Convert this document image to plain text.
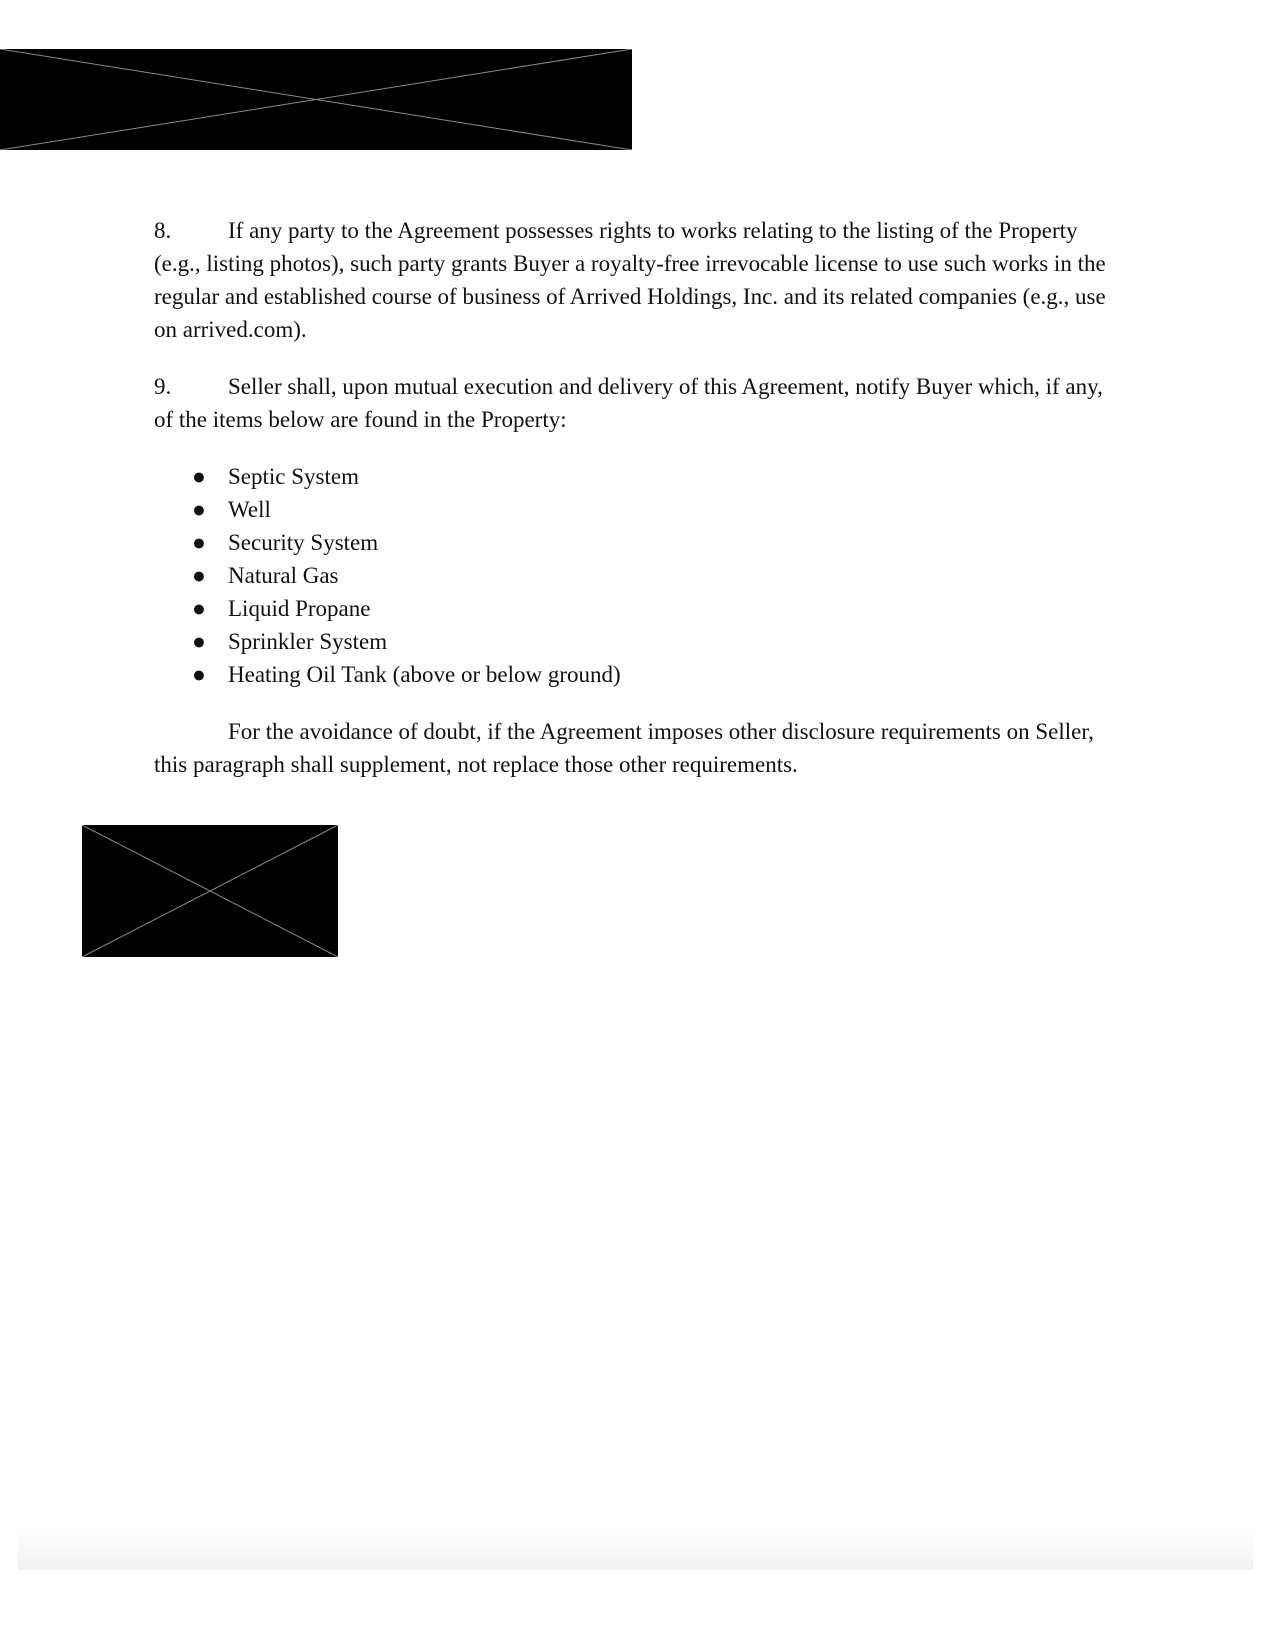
8. If any party to the Agreement possesses rights to works relating to the listing of the Property (e.g., listing photos), such party grants Buyer a royalty-free irrevocable license to use such works in the regular and established course of business of Arrived Holdings, Inc. and its related companies (e.g., use on arrived.com).

9. Seller shall, upon mutual execution and delivery of this Agreement, notify Buyer which, if any, of the items below are found in the Property:

● Septic System
● Well
● Security System
● Natural Gas
● Liquid Propane
● Sprinkler System
● Heating Oil Tank (above or below ground)

For the avoidance of doubt, if the Agreement imposes other disclosure requirements on Seller, this paragraph shall supplement, not replace those other requirements.
